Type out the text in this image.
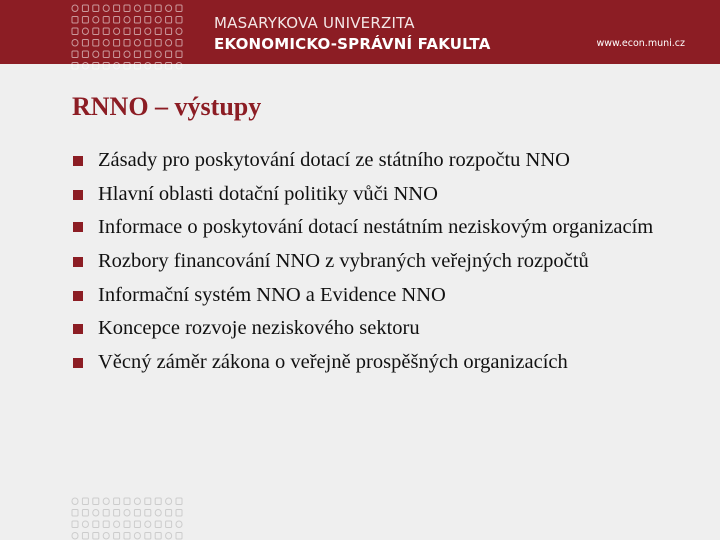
MASARYKOVA UNIVERZITA
EKONOMICKO-SPRÁVNÍ FAKULTA	www.econ.muni.cz
RNNO – výstupy
Zásady pro poskytování dotací ze státního rozpočtu NNO
Hlavní oblasti dotační politiky vůči NNO
Informace o poskytování dotací nestátním neziskovým organizacím
Rozbory financování NNO z vybraných veřejných rozpočtů
Informační systém NNO a Evidence NNO
Koncepce rozvoje neziskového sektoru
Věcný záměr zákona o veřejně prospěšných organizacích
